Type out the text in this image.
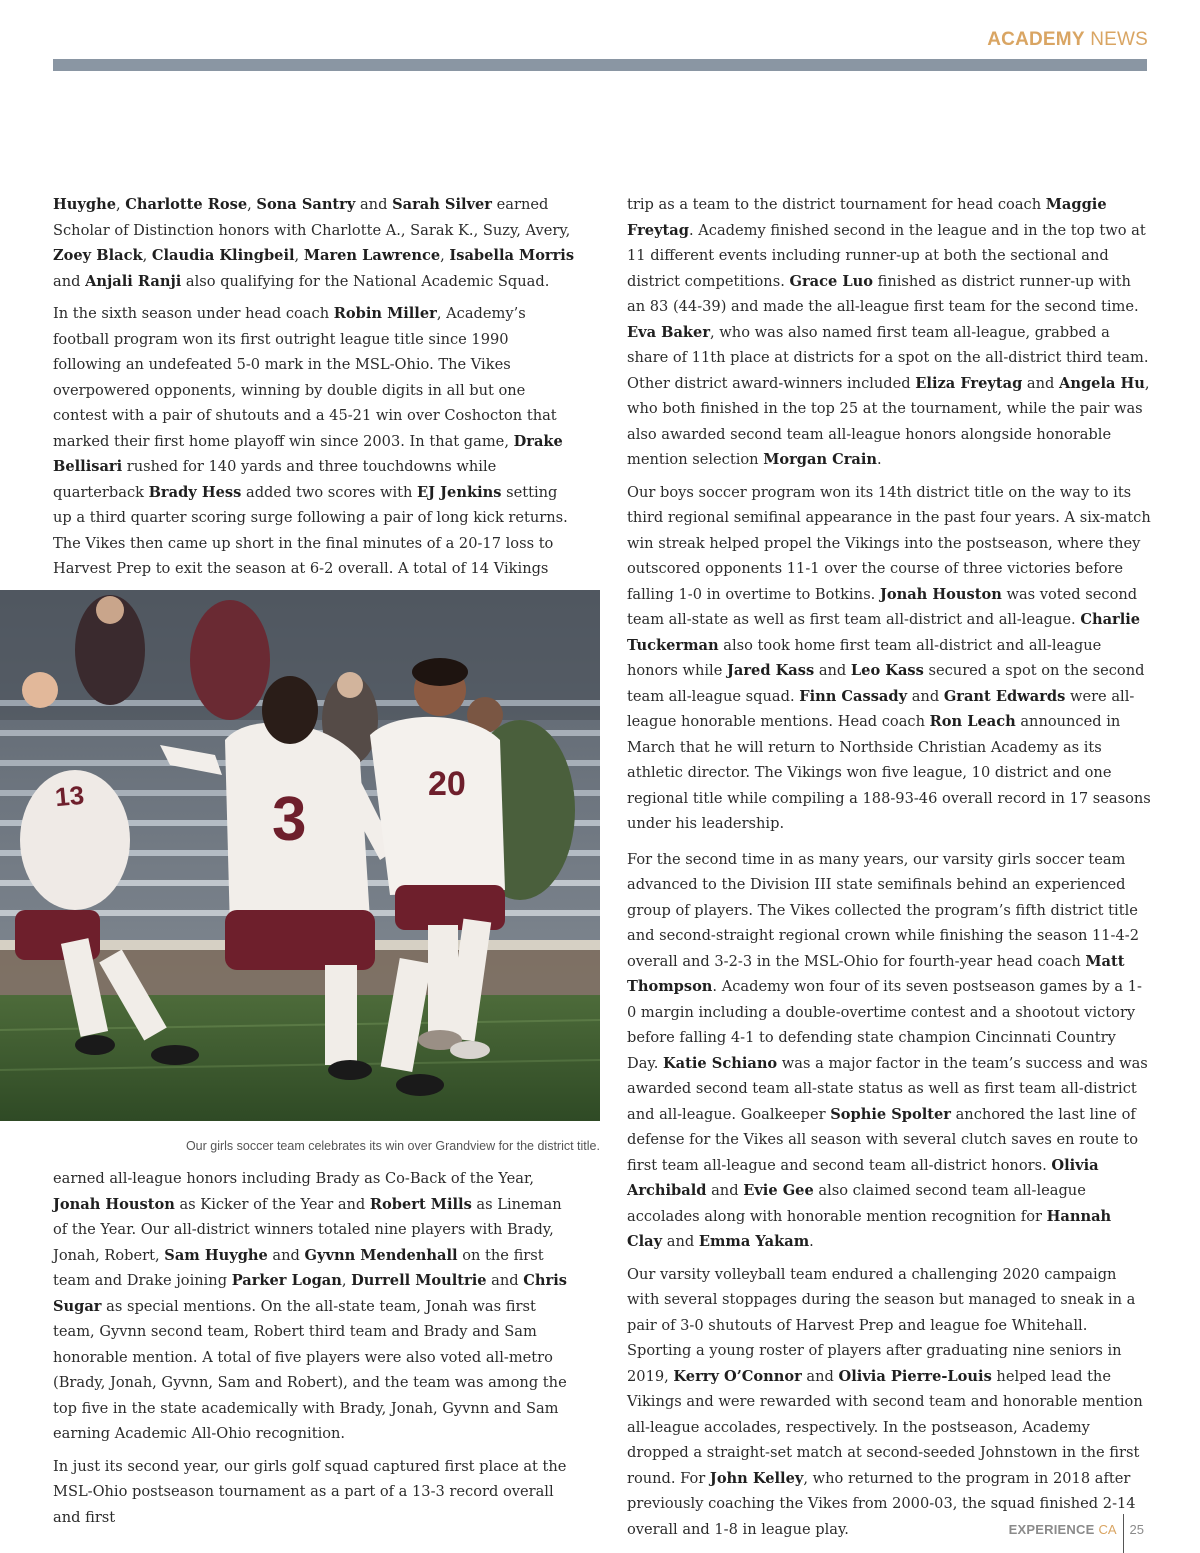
ACADEMY NEWS

Huyghe, Charlotte Rose, Sona Santry and Sarah Silver earned Scholar of Distinction honors with Charlotte A., Sarak K., Suzy, Avery, Zoey Black, Claudia Klingbeil, Maren Lawrence, Isabella Morris and Anjali Ranji also qualifying for the National Academic Squad.

In the sixth season under head coach Robin Miller, Academy’s football program won its first outright league title since 1990 following an undefeated 5-0 mark in the MSL-Ohio. The Vikes overpowered opponents, winning by double digits in all but one contest with a pair of shutouts and a 45-21 win over Coshocton that marked their first home playoff win since 2003. In that game, Drake Bellisari rushed for 140 yards and three touchdowns while quarterback Brady Hess added two scores with EJ Jenkins setting up a third quarter scoring surge following a pair of long kick returns. The Vikes then came up short in the final minutes of a 20-17 loss to Harvest Prep to exit the season at 6-2 overall. A total of 14 Vikings

13	3
20
Our girls soccer team celebrates its win over Grandview for the district title.

earned all-league honors including Brady as Co-Back of the Year, Jonah Houston as Kicker of the Year and Robert Mills as Lineman of the Year. Our all-district winners totaled nine players with Brady, Jonah, Robert, Sam Huyghe and Gyvnn Mendenhall on the first team and Drake joining Parker Logan, Durrell Moultrie and Chris Sugar as special mentions. On the all-state team, Jonah was first team, Gyvnn second team, Robert third team and Brady and Sam honorable mention. A total of five players were also voted all-metro (Brady, Jonah, Gyvnn, Sam and Robert), and the team was among the top five in the state academically with Brady, Jonah, Gyvnn and Sam earning Academic All-Ohio recognition.

In just its second year, our girls golf squad captured first place at the MSL-Ohio postseason tournament as a part of a 13-3 record overall and first

trip as a team to the district tournament for head coach Maggie Freytag. Academy finished second in the league and in the top two at 11 different events including runner-up at both the sectional and district competitions. Grace Luo finished as district runner-up with an 83 (44-39) and made the all-league first team for the second time. Eva Baker, who was also named first team all-league, grabbed a share of 11th place at districts for a spot on the all-district third team. Other district award-winners included Eliza Freytag and Angela Hu, who both finished in the top 25 at the tournament, while the pair was also awarded second team all-league honors alongside honorable mention selection Morgan Crain.

Our boys soccer program won its 14th district title on the way to its third regional semifinal appearance in the past four years. A six-match win streak helped propel the Vikings into the postseason, where they outscored opponents 11-1 over the course of three victories before falling 1-0 in overtime to Botkins. Jonah Houston was voted second team all-state as well as first team all-district and all-league. Charlie Tuckerman also took home first team all-district and all-league honors while Jared Kass and Leo Kass secured a spot on the second team all-league squad. Finn Cassady and Grant Edwards were all-league honorable mentions. Head coach Ron Leach announced in March that he will return to Northside Christian Academy as its athletic director. The Vikings won five league, 10 district and one regional title while compiling a 188-93-46 overall record in 17 seasons under his leadership.

For the second time in as many years, our varsity girls soccer team advanced to the Division III state semifinals behind an experienced group of players. The Vikes collected the program’s fifth district title and second-straight regional crown while finishing the season 11-4-2 overall and 3-2-3 in the MSL-Ohio for fourth-year head coach Matt Thompson. Academy won four of its seven postseason games by a 1-0 margin including a double-overtime contest and a shootout victory before falling 4-1 to defending state champion Cincinnati Country Day. Katie Schiano was a major factor in the team’s success and was awarded second team all-state status as well as first team all-district and all-league. Goalkeeper Sophie Spolter anchored the last line of defense for the Vikes all season with several clutch saves en route to first team all-league and second team all-district honors. Olivia Archibald and Evie Gee also claimed second team all-league accolades along with honorable mention recognition for Hannah Clay and Emma Yakam.

Our varsity volleyball team endured a challenging 2020 campaign with several stoppages during the season but managed to sneak in a pair of 3-0 shutouts of Harvest Prep and league foe Whitehall. Sporting a young roster of players after graduating nine seniors in 2019, Kerry O’Connor and Olivia Pierre-Louis helped lead the Vikings and were rewarded with second team and honorable mention all-league accolades, respectively. In the postseason, Academy dropped a straight-set match at second-seeded Johnstown in the first round. For John Kelley, who returned to the program in 2018 after previously coaching the Vikes from 2000-03, the squad finished 2-14 overall and 1-8 in league play.	EXPERIENCE CA 25
